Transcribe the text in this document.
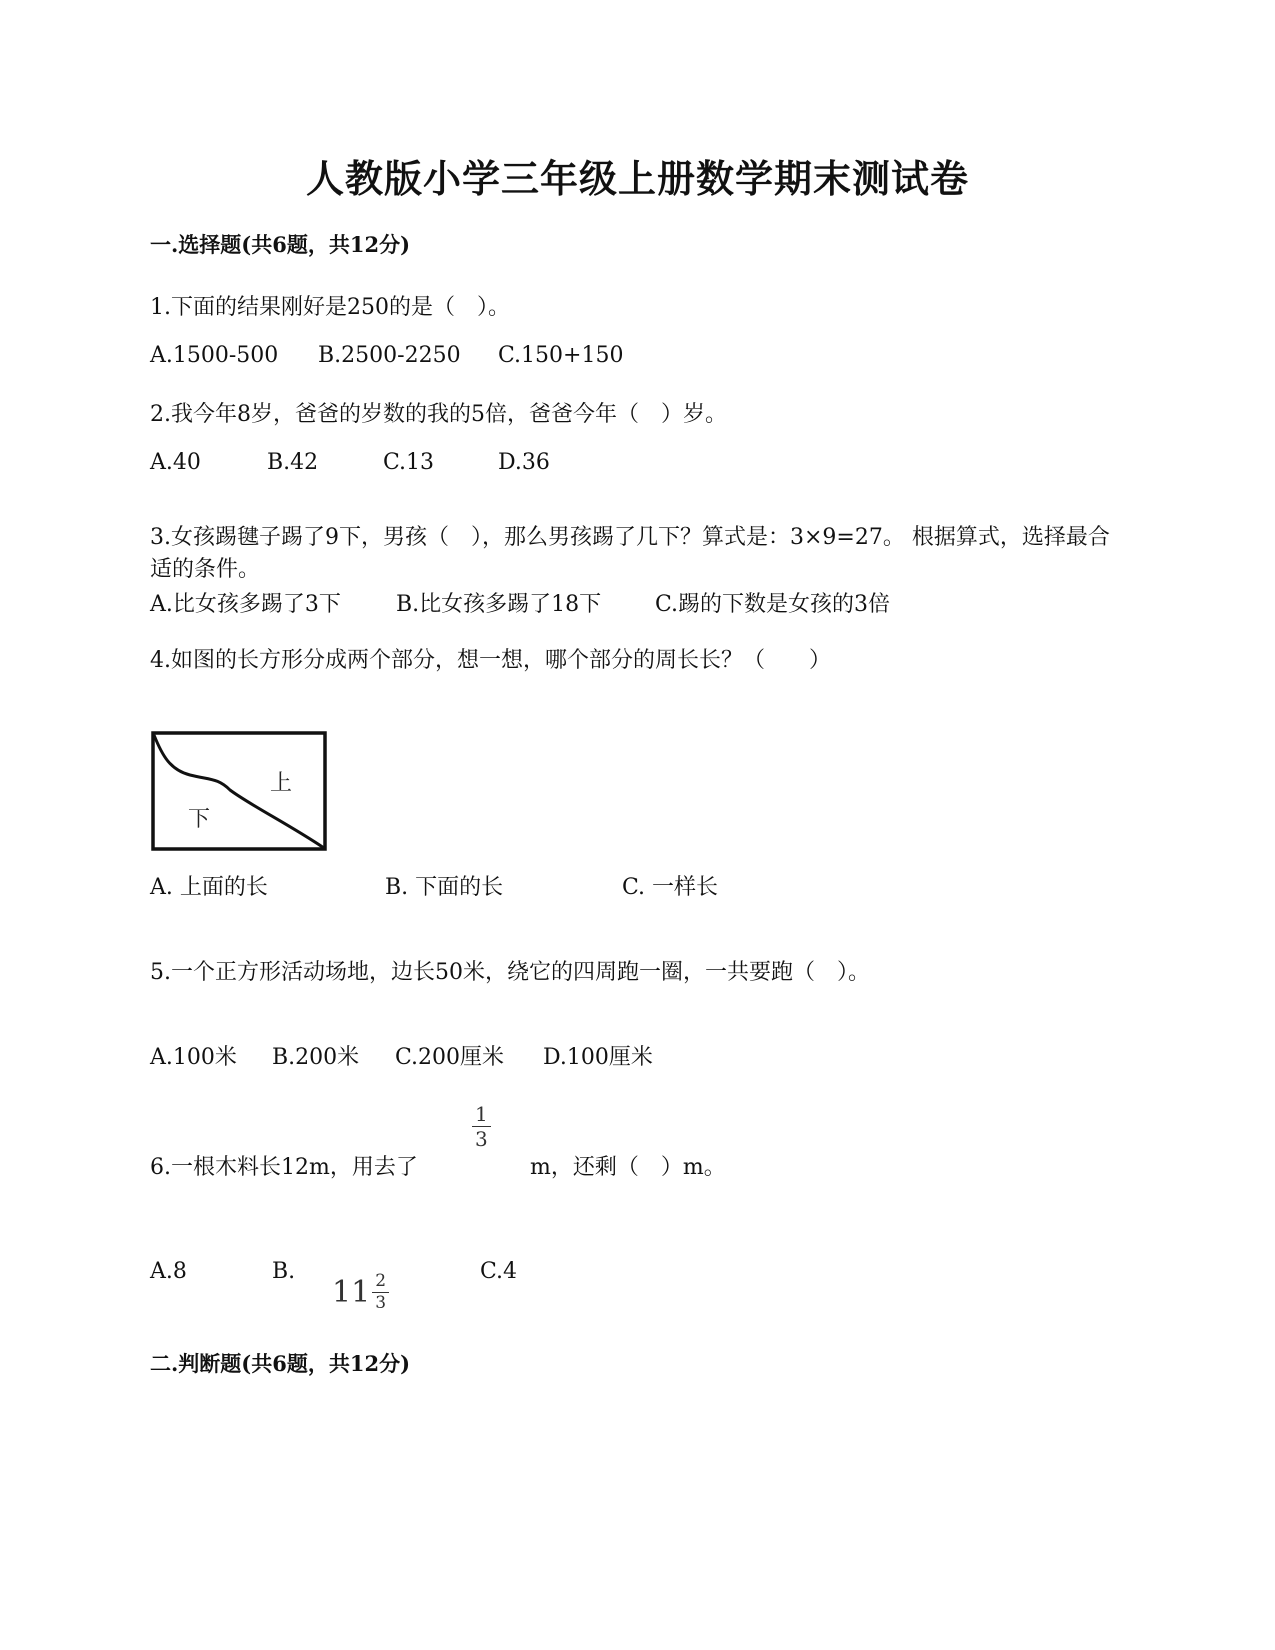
人教版小学三年级上册数学期末测试卷
一.选择题(共6题，共12分)
1.下面的结果刚好是250的是（　）。
A.1500-500 B.2500-2250 C.150+150
2.我今年8岁，爸爸的岁数的我的5倍，爸爸今年（　）岁。
A.40	B.42	C.13	D.36
3.女孩踢毽子踢了9下，男孩（　），那么男孩踢了几下？算式是：3×9=27。 根据算式，选择最合适的条件。
A.比女孩多踢了3下	B.比女孩多踢了18下 C.踢的下数是女孩的3倍
4.如图的长方形分成两个部分，想一想，哪个部分的周长长？（　　）
上
下
A. 上面的长	B. 下面的长	C. 一样长
5.一个正方形活动场地，边长50米，绕它的四周跑一圈，一共要跑（　）。
A.100米 B.200米 C.200厘米 D.100厘米
6.一根木料长12m，用去了
1
3
m，还剩（　）m。
A.8	B.
$11 \frac{2}{3}$
C.4
二.判断题(共6题，共12分)
